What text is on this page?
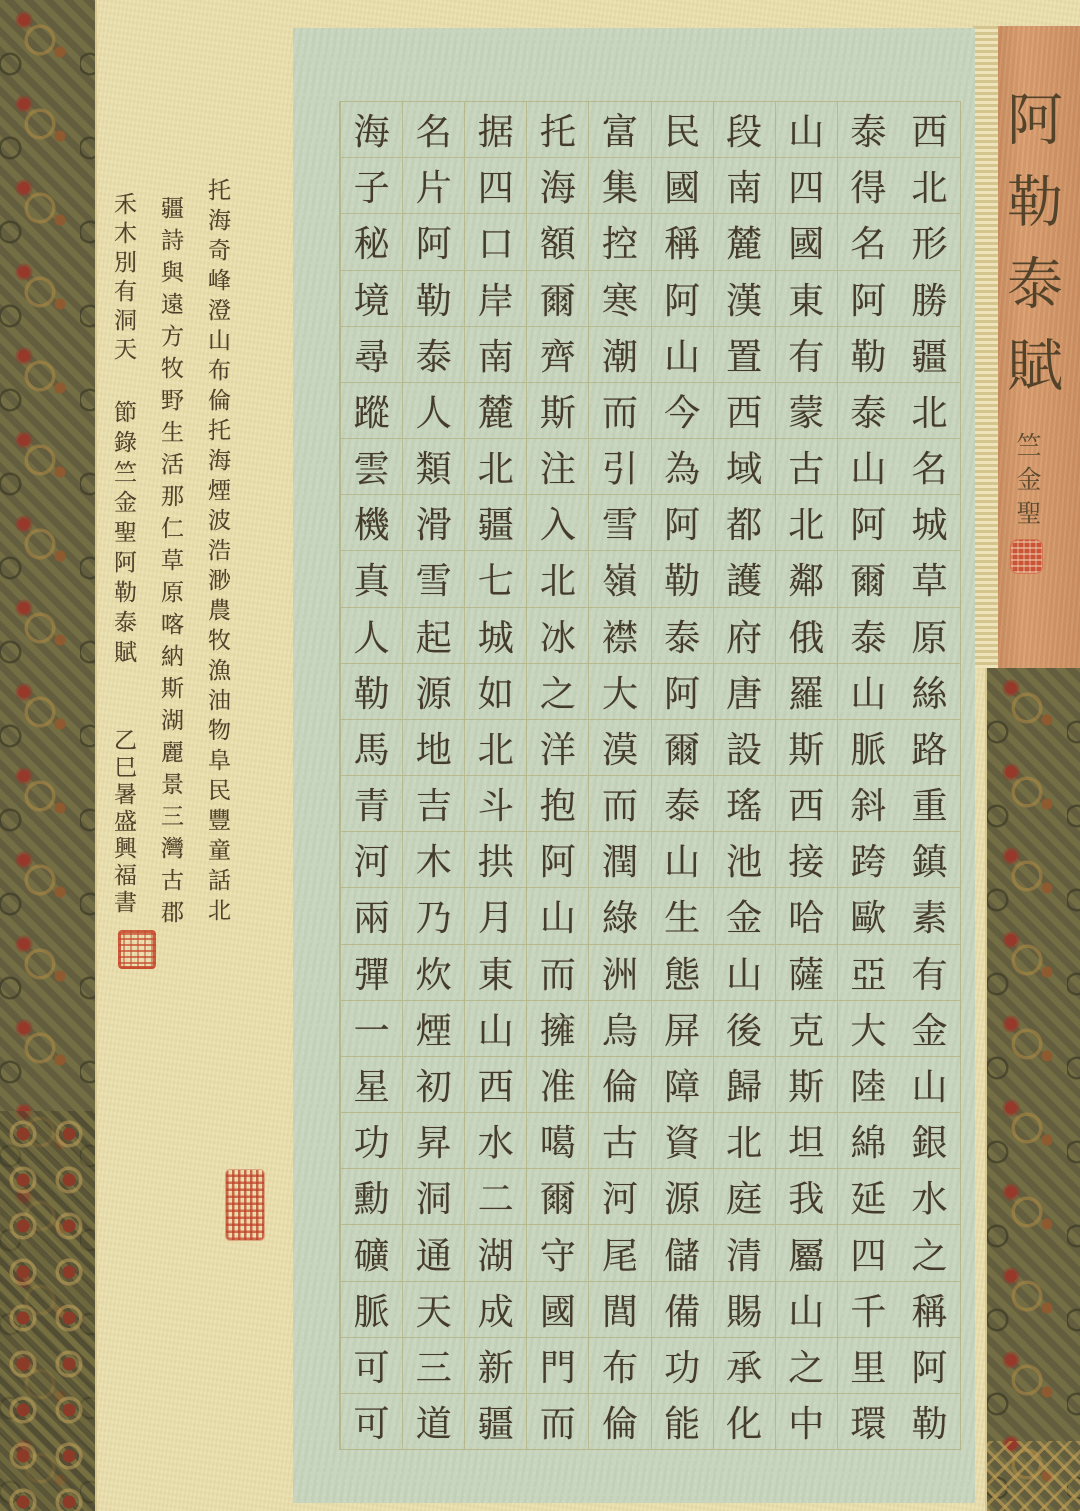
阿勒泰賦
竺金聖
西
北
形
勝
疆
北
名
城
草
原
絲
路
重
鎮
素
有
金
山
銀
水
之
稱
阿
勒
泰
得
名
阿
勒
泰
山
阿
爾
泰
山
脈
斜
跨
歐
亞
大
陸
綿
延
四
千
里
環
山
四
國
東
有
蒙
古
北
鄰
俄
羅
斯
西
接
哈
薩
克
斯
坦
我
屬
山
之
中
段
南
麓
漢
置
西
域
都
護
府
唐
設
瑤
池
金
山
後
歸
北
庭
清
賜
承
化
民
國
稱
阿
山
今
為
阿
勒
泰
阿
爾
泰
山
生
態
屏
障
資
源
儲
備
功
能
富
集
控
寒
潮
而
引
雪
嶺
襟
大
漠
而
潤
綠
洲
烏
倫
古
河
尾
閭
布
倫
托
海
額
爾
齊
斯
注
入
北
冰
之
洋
抱
阿
山
而
擁
准
噶
爾
守
國
門
而
据
四
口
岸
南
麓
北
疆
七
城
如
北
斗
拱
月
東
山
西
水
二
湖
成
新
疆
名
片
阿
勒
泰
人
類
滑
雪
起
源
地
吉
木
乃
炊
煙
初
昇
洞
通
天
三
道
海
子
秘
境
尋
蹤
雲
機
真
人
勒
馬
青
河
兩
彈
一
星
功
勳
礦
脈
可
可
托海奇峰澄山布倫托海煙波浩渺農牧漁油物阜民豐童話北
疆詩與遠方牧野生活那仁草原喀納斯湖麗景三灣古郡
禾木別有洞天
節錄竺金聖阿勒泰賦
乙巳暑盛興福書
